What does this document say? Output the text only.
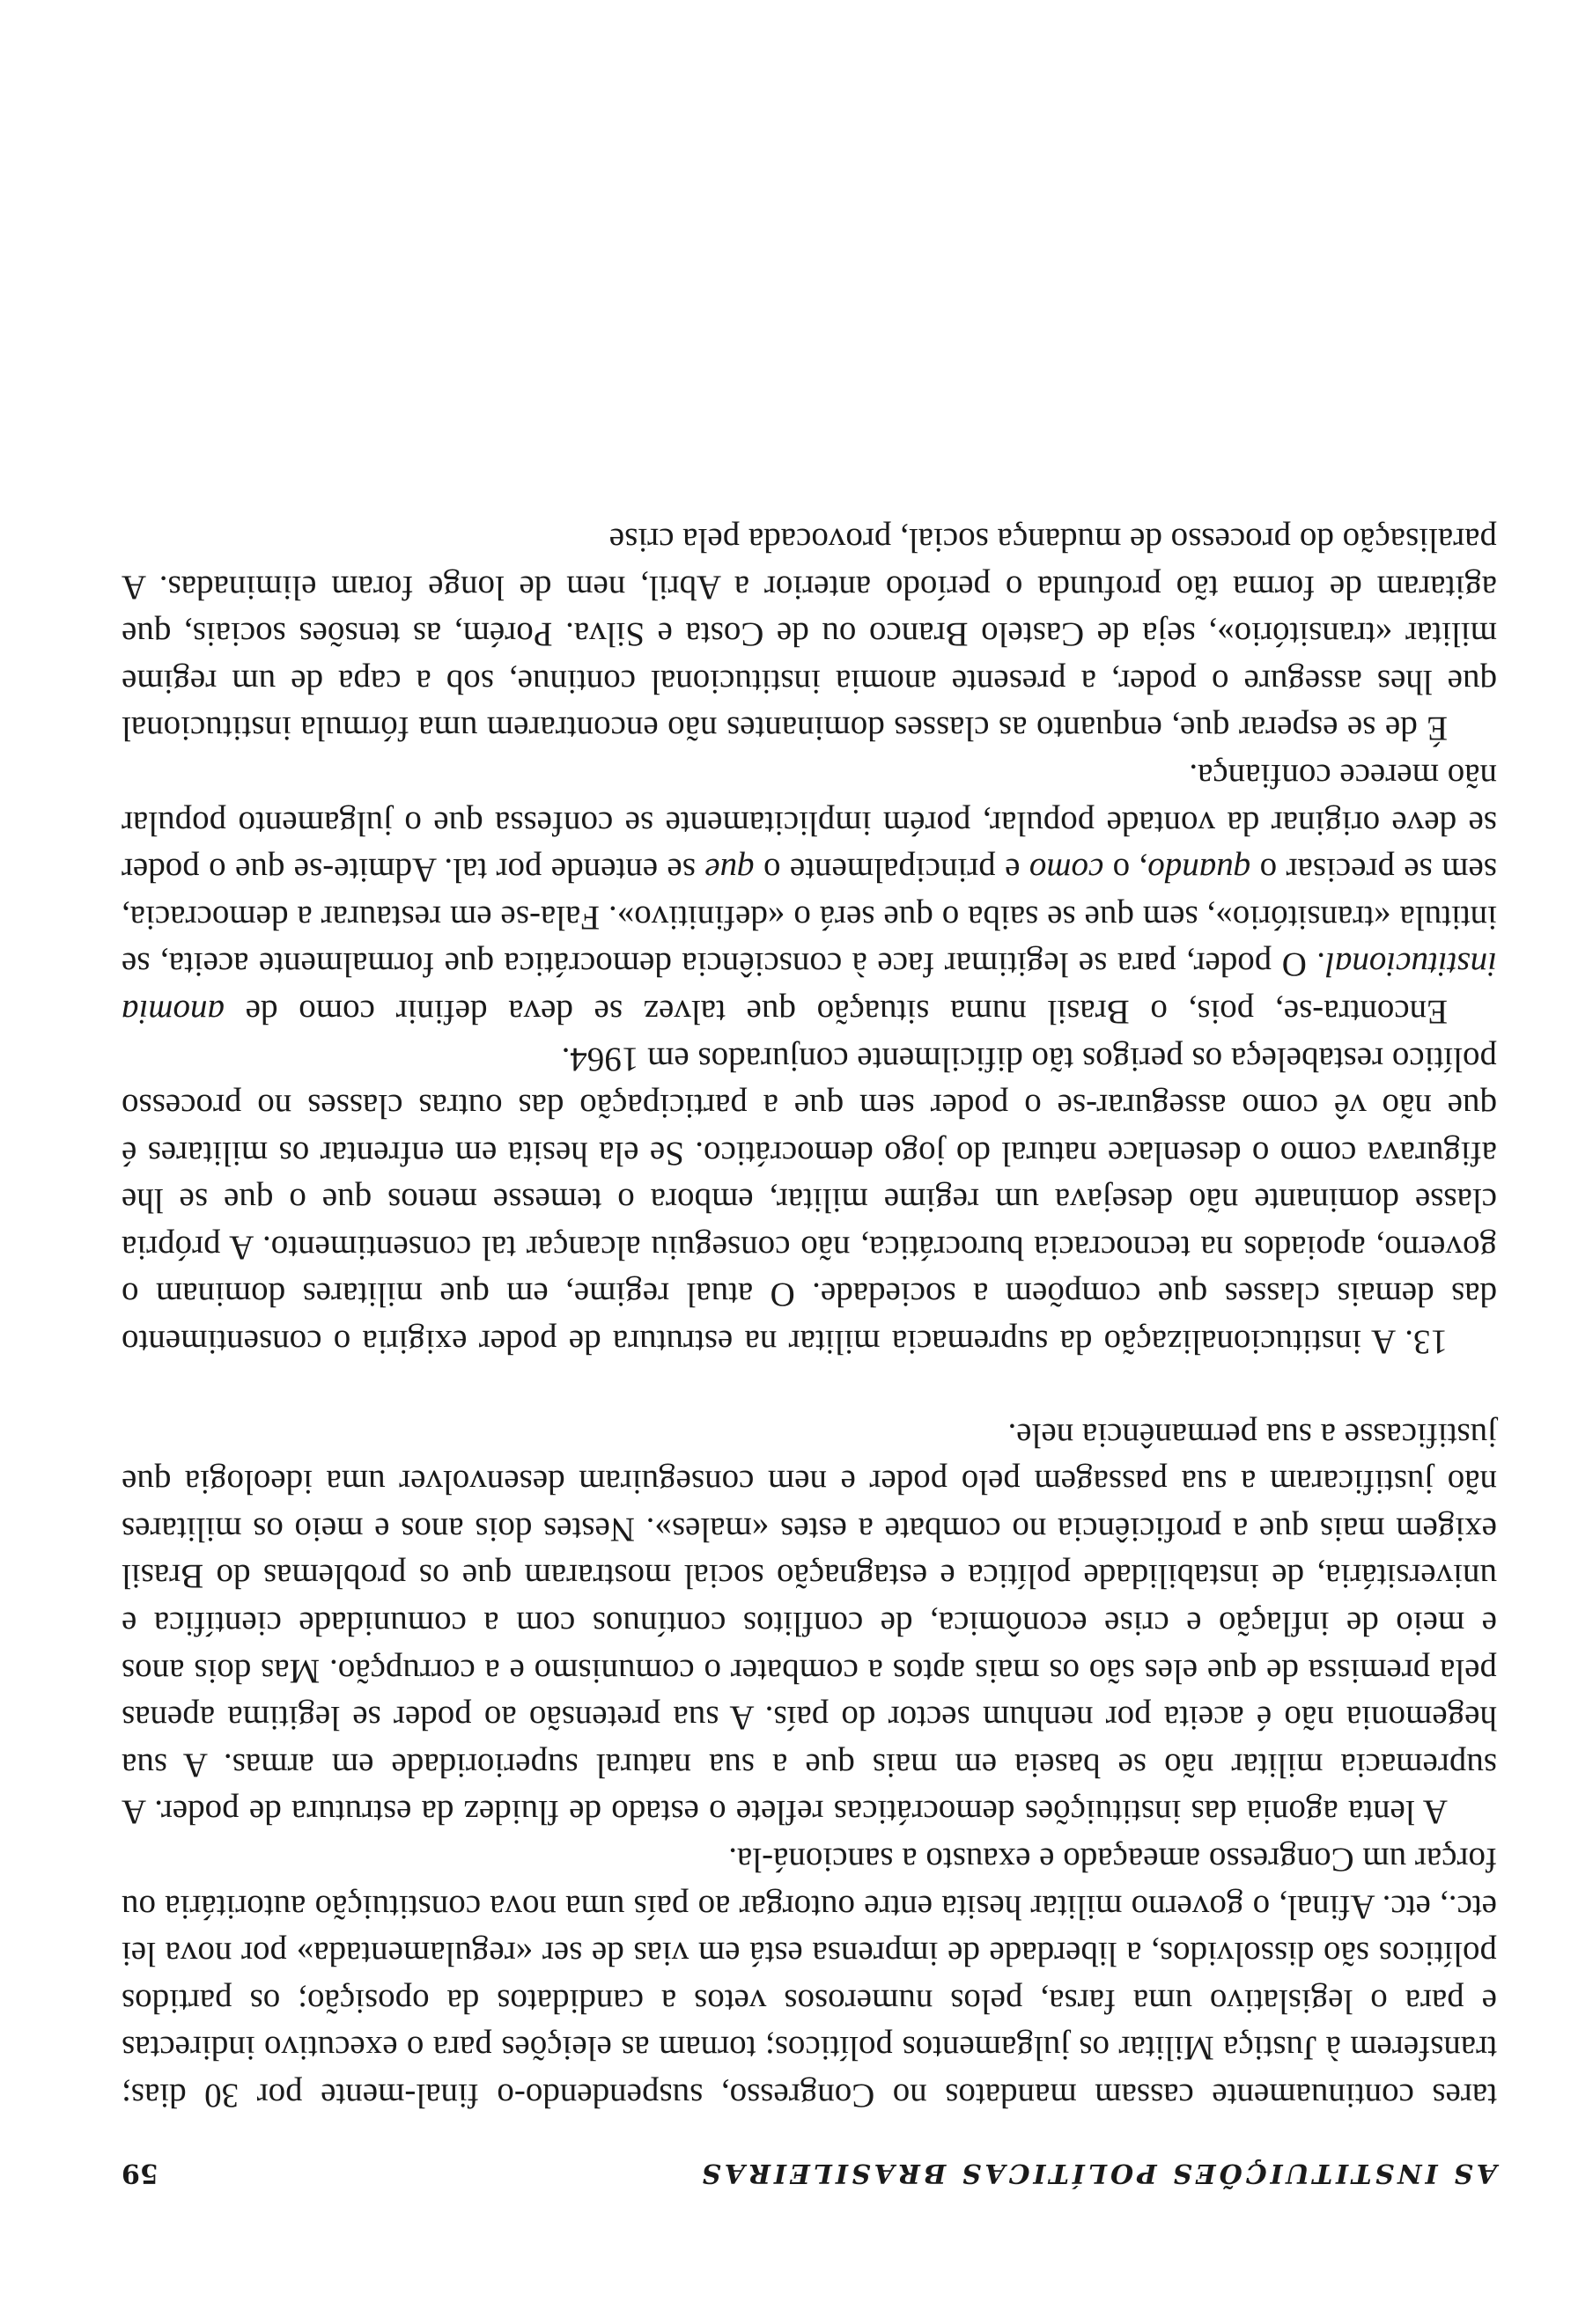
AS INSTITUIÇÕES POLÍTICAS BRASILEIRAS
59

tares continuamente cassam mandatos no Congresso, suspendendo-o final-mente por 30 dias; transferem à Justiça Militar os julgamentos políticos; tornam as eleições para o executivo indirectas e para o legislativo uma farsa, pelos numerosos vetos a candidatos da oposição; os partidos políticos são dissolvidos, a liberdade de imprensa está em vias de ser «regulamentada» por nova lei etc., etc. Afinal, o governo militar hesita entre outorgar ao país uma nova constituição autoritária ou forçar um Congresso ameaçado e exausto a sancioná-la.

A lenta agonia das instituições democráticas reflete o estado de fluidez da estrutura de poder. A supremacia militar não se baseia em mais que a sua natural superioridade em armas. A sua hegemonia não é aceita por nenhum sector do país. A sua pretensão ao poder se legitima apenas pela premissa de que eles são os mais aptos a combater o comunismo e a corrupção. Mas dois anos e meio de inflação e crise econômica, de conflitos contínuos com a comunidade científica e universitária, de instabilidade política e estagnação social mostraram que os problemas do Brasil exigem mais que a proficiência no combate a estes «males». Nestes dois anos e meio os militares não justificaram a sua passagem pelo poder e nem conseguiram desenvolver uma ideologia que justificasse a sua permanência nele.

13.A institucionalização da supremacia militar na estrutura de poder exigiria o consentimento das demais classes que compõem a sociedade. O atual regime, em que militares dominam o governo, apoiados na tecnocracia burocrática, não conseguiu alcançar tal consentimento. A própria classe dominante não desejava um regime militar, embora o temesse menos que o que se lhe afigurava como o desenlace natural do jogo democrático. Se ela hesita em enfrentar os militares é que não vê como assegurar-se o poder sem que a participação das outras classes no processo político restabeleça os perigos tão dificilmente conjurados em 1964.

Encontra-se, pois, o Brasil numa situação que talvez se deva definir como de anomia institucional. O poder, para se legitimar face à consciência democrática que formalmente aceita, se intitula «transitório», sem que se saiba o que será o «definitivo». Fala-se em restaurar a democracia, sem se precisar o quando, o como e principalmente o que se entende por tal. Admite-se que o poder se deve originar da vontade popular, porém implicitamente se confessa que o julgamento popular não merece confiança.

É de se esperar que, enquanto as classes dominantes não encontrarem uma fórmula institucional que lhes assegure o poder, a presente anomia institucional continue, sob a capa de um regime militar «transitório», seja de Castelo Branco ou de Costa e Silva. Porém, as tensões sociais, que agitaram de forma tão profunda o período anterior a Abril, nem de longe foram eliminadas. A paralisação do processo de mudança social, provocada pela crise
